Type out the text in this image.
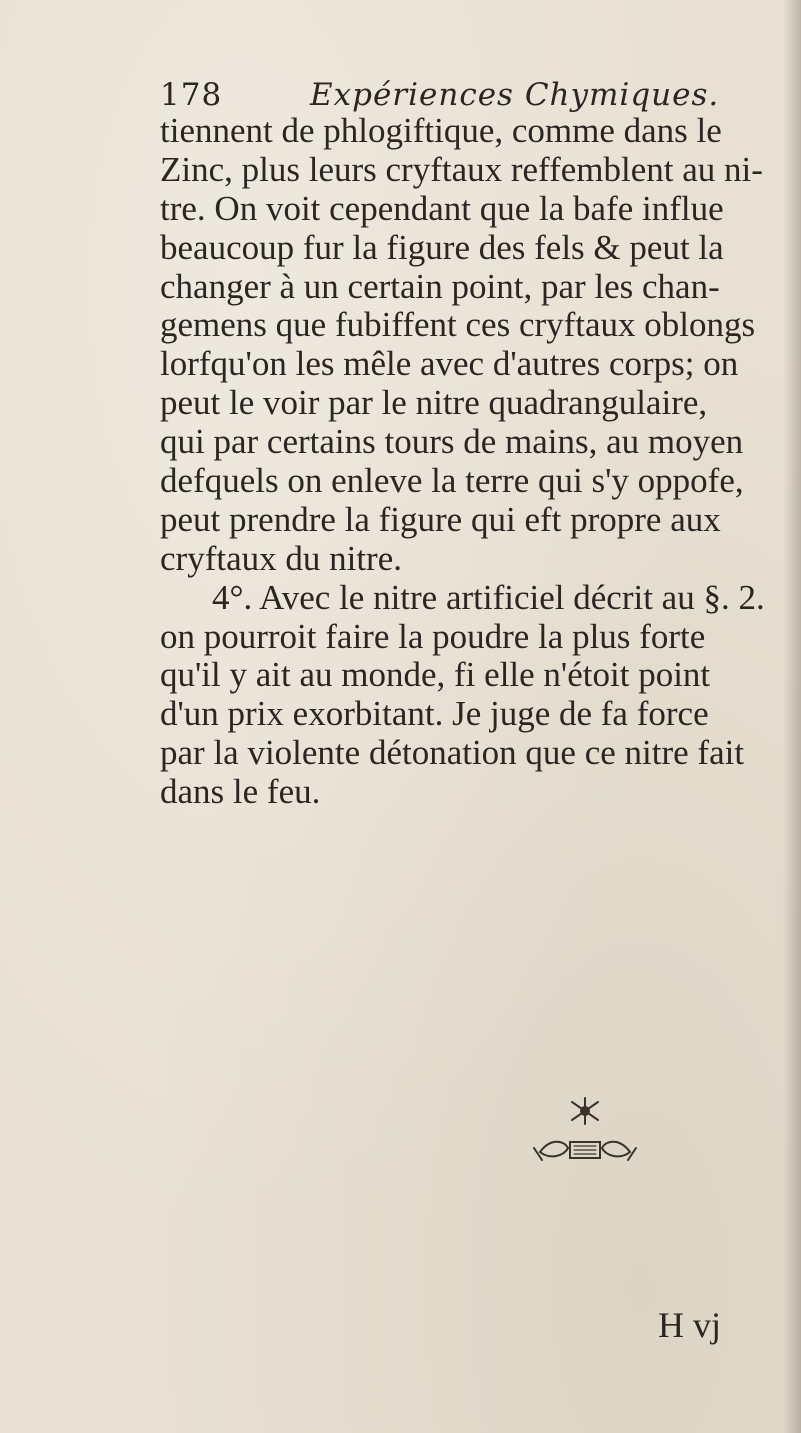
178	Expériences Chymiques.
tiennent de phlogiftique, comme dans le
Zinc, plus leurs cryftaux reffemblent au ni-
tre. On voit cependant que la bafe influe
beaucoup fur la figure des fels & peut la
changer à un certain point, par les chan-
gemens que fubiffent ces cryftaux oblongs
lorfqu'on les mêle avec d'autres corps; on
peut le voir par le nitre quadrangulaire,
qui par certains tours de mains, au moyen
defquels on enleve la terre qui s'y oppofe,
peut prendre la figure qui eft propre aux
cryftaux du nitre.
4°. Avec le nitre artificiel décrit au §. 2.
on pourroit faire la poudre la plus forte
qu'il y ait au monde, fi elle n'étoit point
d'un prix exorbitant. Je juge de fa force
par la violente détonation que ce nitre fait
dans le feu.
H vj
